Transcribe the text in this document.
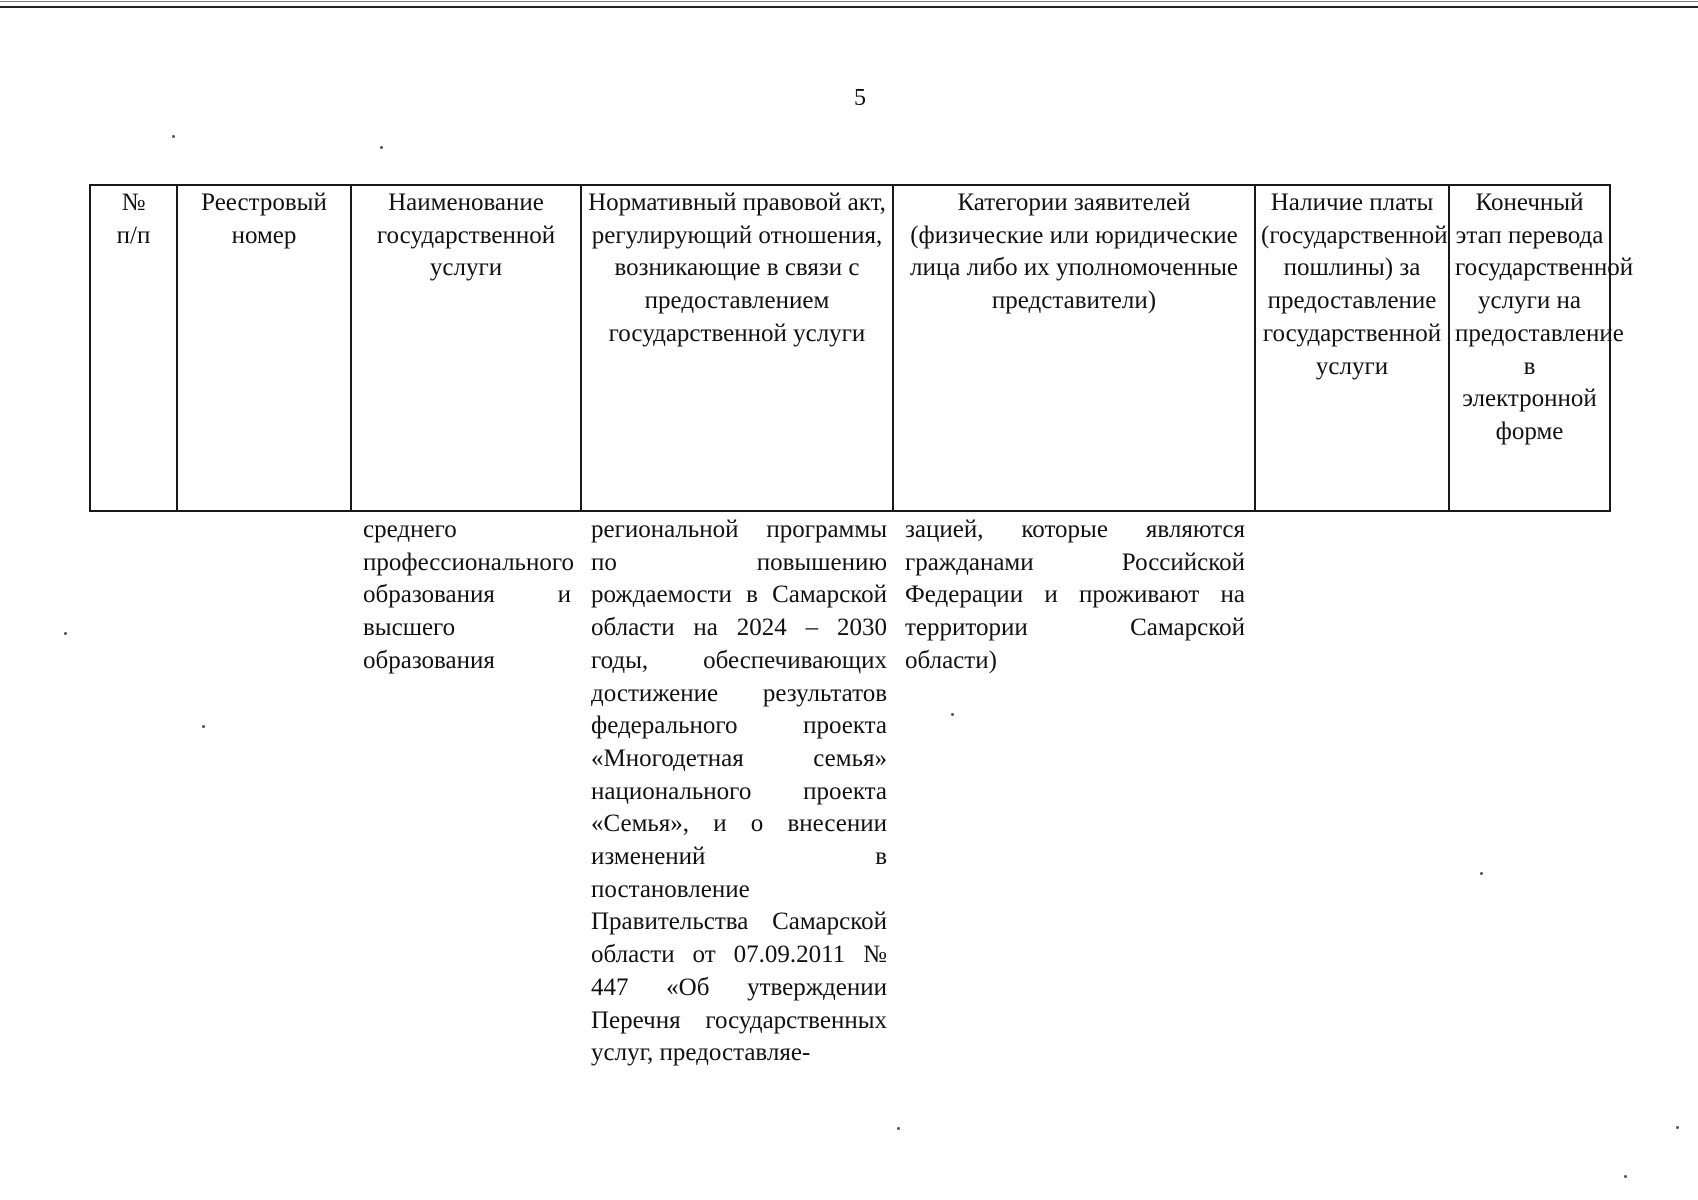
5
№ п/п	Реестровый номер	Наименование государственной услуги	Нормативный правовой акт, регулирующий отношения, возникающие в связи с предоставлением государственной услуги	Категории заявителей (физические или юридические лица либо их уполномоченные представители)	Наличие платы (государственной пошлины) за предоставление государственной услуги	Конечный этап перевода государственной услуги на предоставление в электронной форме
		среднего профессионального образования и высшего образования	региональной программы по повышению рождаемости в Самарской области на 2024 – 2030 годы, обеспечивающих достижение результатов федерального проекта «Многодетная семья» национального проекта «Семья», и о внесении изменений в постановление Правительства Самарской области от 07.09.2011 № 447 «Об утверждении Перечня государственных услуг, предоставляе-	зацией, которые являются гражданами Российской Федерации и проживают на территории Самарской области)		
